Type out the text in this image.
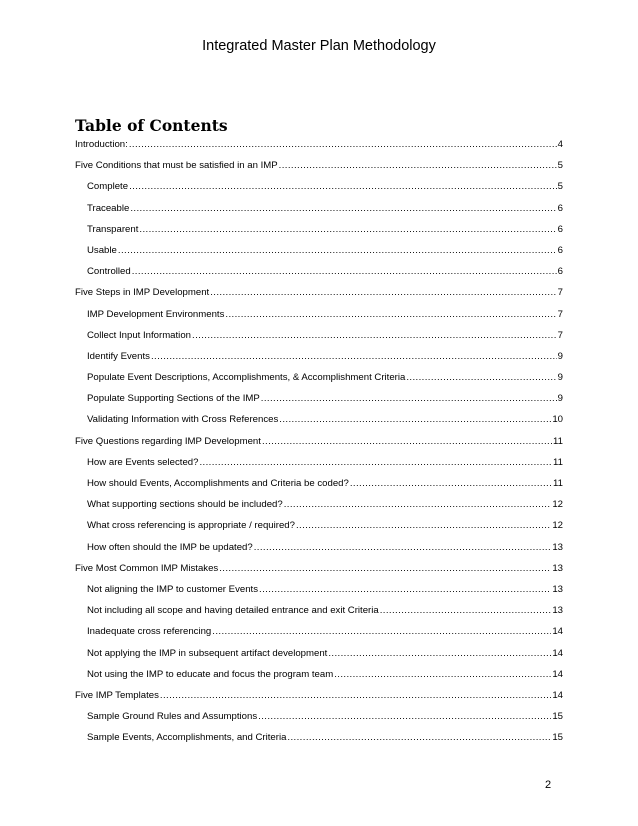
Integrated Master Plan Methodology
Table of Contents
Introduction: .....	4
Five Conditions that must be satisfied in an IMP .....	5
Complete .....	5
Traceable .....	6
Transparent .....	6
Usable .....	6
Controlled .....	6
Five Steps in IMP Development .....	7
IMP Development Environments .....	7
Collect Input Information .....	7
Identify Events .....	9
Populate Event Descriptions, Accomplishments, & Accomplishment Criteria .....	9
Populate Supporting Sections of the IMP .....	9
Validating Information with Cross References .....	10
Five Questions regarding IMP Development .....	11
How are Events selected? .....	11
How should Events, Accomplishments and Criteria be coded? .....	11
What supporting sections should be included? .....	12
What cross referencing is appropriate / required? .....	12
How often should the IMP be updated? .....	13
Five Most Common IMP Mistakes .....	13
Not aligning the IMP to customer Events .....	13
Not including all scope and having detailed entrance and exit Criteria .....	13
Inadequate cross referencing .....	14
Not applying the IMP in subsequent artifact development .....	14
Not using the IMP to educate and focus the program team .....	14
Five IMP Templates .....	14
Sample Ground Rules and Assumptions .....	15
Sample Events, Accomplishments, and Criteria .....	15
2
